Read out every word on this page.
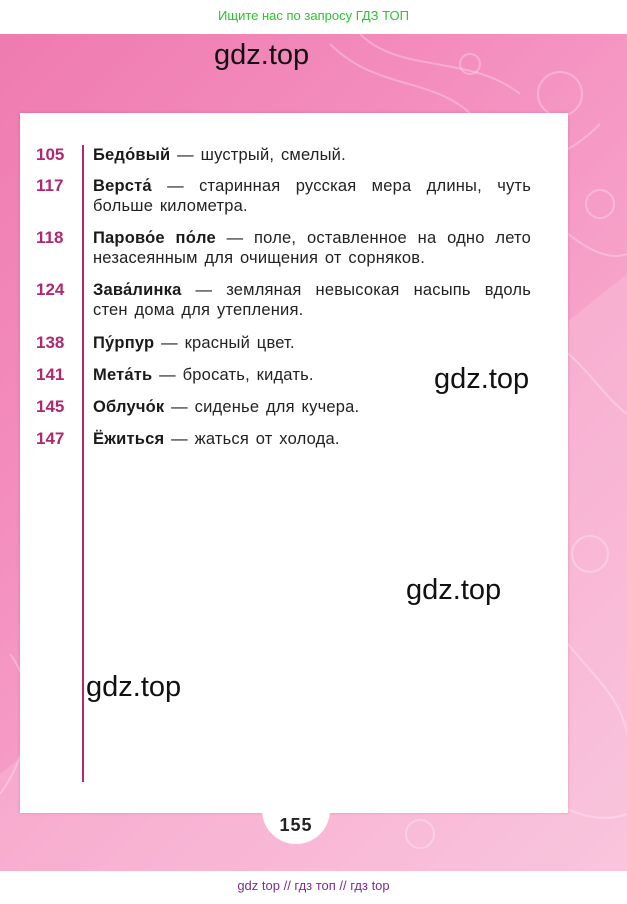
Ищите нас по запросу ГДЗ ТОП
105	Бедо́вый — шустрый, смелый.
117	Верста́ — старинная русская мера длины, чуть больше километра.
118	Парово́е по́ле — поле, оставленное на одно лето незасеянным для очищения от сорняков.
124	Зава́линка — земляная невысокая насыпь вдоль стен дома для утепления.
138	Пу́рпур — красный цвет.
141	Мета́ть — бросать, кидать.
145	Облучо́к — сиденье для кучера.
147	Ёжиться — жаться от холода.
155
gdz.top
gdz.top
gdz.top
gdz.top
gdz top // гдз топ // гдз top
